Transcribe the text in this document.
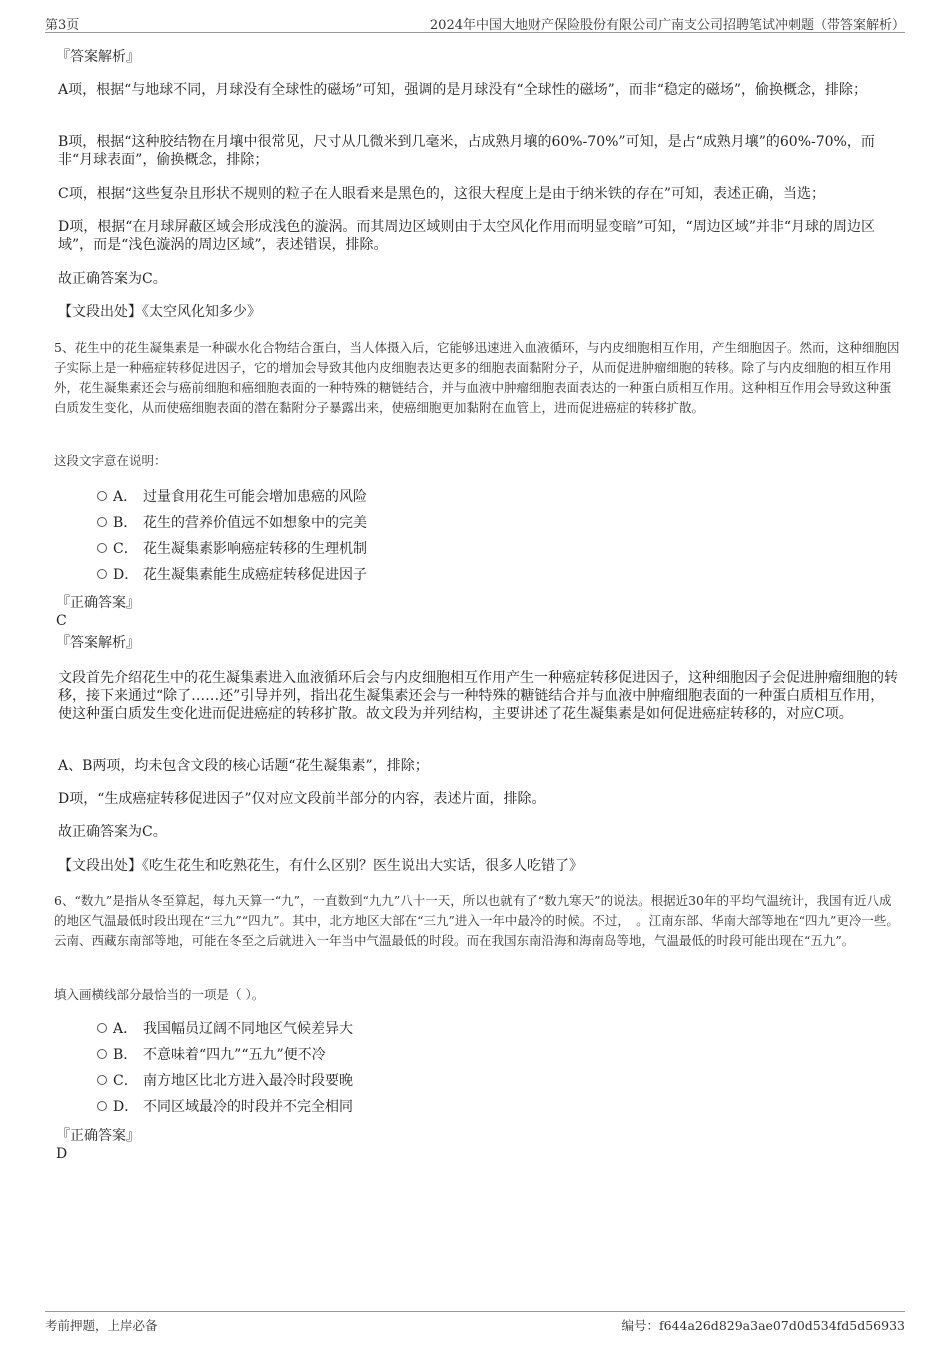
第3页	2024年中国大地财产保险股份有限公司广南支公司招聘笔试冲刺题（带答案解析）
『答案解析』
A项，根据“与地球不同，月球没有全球性的磁场”可知，强调的是月球没有“全球性的磁场”，而非“稳定的磁场”，偷换概念，排除；
B项，根据“这种胶结物在月壤中很常见，尺寸从几微米到几毫米，占成熟月壤的60%-70%”可知，是占“成熟月壤”的60%-70%，而非“月球表面”，偷换概念，排除；
C项，根据“这些复杂且形状不规则的粒子在人眼看来是黑色的，这很大程度上是由于纳米铁的存在”可知，表述正确，当选；
D项，根据“在月球屏蔽区域会形成浅色的漩涡。而其周边区域则由于太空风化作用而明显变暗”可知，“周边区域”并非“月球的周边区域”，而是“浅色漩涡的周边区域”，表述错误，排除。
故正确答案为C。
【文段出处】《太空风化知多少》
5、花生中的花生凝集素是一种碳水化合物结合蛋白，当人体摄入后，它能够迅速进入血液循环，与内皮细胞相互作用，产生细胞因子。然而，这种细胞因子实际上是一种癌症转移促进因子，它的增加会导致其他内皮细胞表达更多的细胞表面黏附分子，从而促进肿瘤细胞的转移。除了与内皮细胞的相互作用外，花生凝集素还会与癌前细胞和癌细胞表面的一种特殊的糖链结合，并与血液中肿瘤细胞表面表达的一种蛋白质相互作用。这种相互作用会导致这种蛋白质发生变化，从而使癌细胞表面的潜在黏附分子暴露出来，使癌细胞更加黏附在血管上，进而促进癌症的转移扩散。
这段文字意在说明：
A． 过量食用花生可能会增加患癌的风险
B． 花生的营养价值远不如想象中的完美
C． 花生凝集素影响癌症转移的生理机制
D． 花生凝集素能生成癌症转移促进因子
『正确答案』
C
『答案解析』
文段首先介绍花生中的花生凝集素进入血液循环后会与内皮细胞相互作用产生一种癌症转移促进因子，这种细胞因子会促进肿瘤细胞的转移，接下来通过“除了……还”引导并列，指出花生凝集素还会与一种特殊的糖链结合并与血液中肿瘤细胞表面的一种蛋白质相互作用，使这种蛋白质发生变化进而促进癌症的转移扩散。故文段为并列结构，主要讲述了花生凝集素是如何促进癌症转移的，对应C项。
A、B两项，均未包含文段的核心话题“花生凝集素”，排除；
D项，“生成癌症转移促进因子”仅对应文段前半部分的内容，表述片面，排除。
故正确答案为C。
【文段出处】《吃生花生和吃熟花生，有什么区别？医生说出大实话，很多人吃错了》
6、“数九”是指从冬至算起，每九天算一“九”，一直数到“九九”八十一天，所以也就有了“数九寒天”的说法。根据近30年的平均气温统计，我国有近八成的地区气温最低时段出现在“三九”“四九”。其中，北方地区大部在“三九”进入一年中最冷的时候。不过，　。江南东部、华南大部等地在“四九”更冷一些。云南、西藏东南部等地，可能在冬至之后就进入一年当中气温最低的时段。而在我国东南沿海和海南岛等地，气温最低的时段可能出现在“五九”。
填入画横线部分最恰当的一项是（ ）。
A． 我国幅员辽阔不同地区气候差异大
B． 不意味着“四九”“五九”便不冷
C． 南方地区比北方进入最冷时段要晚
D． 不同区域最冷的时段并不完全相同
『正确答案』
D
考前押题，上岸必备	编号：f644a26d829a3ae07d0d534fd5d56933
